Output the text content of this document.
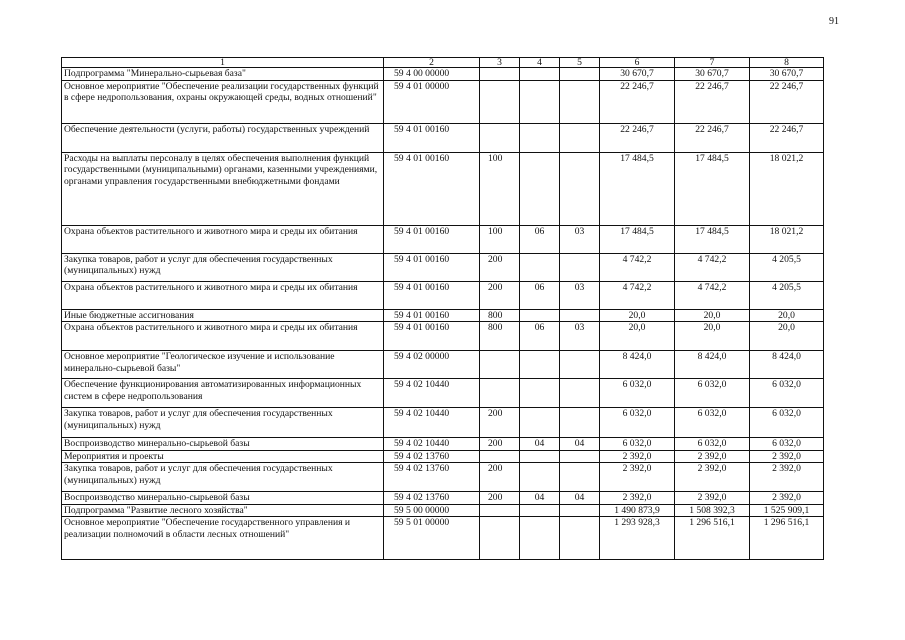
91
1	2	3	4	5	6	7	8
Подпрограмма "Минерально-сырьевая база"	59 4 00 00000				30 670,7	30 670,7	30 670,7
Основное мероприятие "Обеспечение реализации государственных функций в сфере недропользования, охраны окружающей среды, водных отношений"	59 4 01 00000				22 246,7	22 246,7	22 246,7
Обеспечение деятельности (услуги, работы) государственных учреждений	59 4 01 00160				22 246,7	22 246,7	22 246,7
Расходы на выплаты персоналу в целях обеспечения выполнения функций государственными (муниципальными) органами, казенными учреждениями, органами управления государственными внебюджетными фондами	59 4 01 00160	100			17 484,5	17 484,5	18 021,2
Охрана объектов растительного и животного мира и среды их обитания	59 4 01 00160	100	06	03	17 484,5	17 484,5	18 021,2
Закупка товаров, работ и услуг для обеспечения государственных (муниципальных) нужд	59 4 01 00160	200			4 742,2	4 742,2	4 205,5
Охрана объектов растительного и животного мира и среды их обитания	59 4 01 00160	200	06	03	4 742,2	4 742,2	4 205,5
Иные бюджетные ассигнования	59 4 01 00160	800			20,0	20,0	20,0
Охрана объектов растительного и животного мира и среды их обитания	59 4 01 00160	800	06	03	20,0	20,0	20,0
Основное мероприятие "Геологическое изучение и использование минерально-сырьевой базы"	59 4 02 00000				8 424,0	8 424,0	8 424,0
Обеспечение функционирования автоматизированных информационных систем в сфере недропользования	59 4 02 10440				6 032,0	6 032,0	6 032,0
Закупка товаров, работ и услуг для обеспечения государственных (муниципальных) нужд	59 4 02 10440	200			6 032,0	6 032,0	6 032,0
Воспроизводство минерально-сырьевой базы	59 4 02 10440	200	04	04	6 032,0	6 032,0	6 032,0
Мероприятия и проекты	59 4 02 13760				2 392,0	2 392,0	2 392,0
Закупка товаров, работ и услуг для обеспечения государственных (муниципальных) нужд	59 4 02 13760	200			2 392,0	2 392,0	2 392,0
Воспроизводство минерально-сырьевой базы	59 4 02 13760	200	04	04	2 392,0	2 392,0	2 392,0
Подпрограмма "Развитие лесного хозяйства"	59 5 00 00000				1 490 873,9	1 508 392,3	1 525 909,1
Основное мероприятие "Обеспечение государственного управления и реализации полномочий в области лесных отношений"	59 5 01 00000				1 293 928,3	1 296 516,1	1 296 516,1
